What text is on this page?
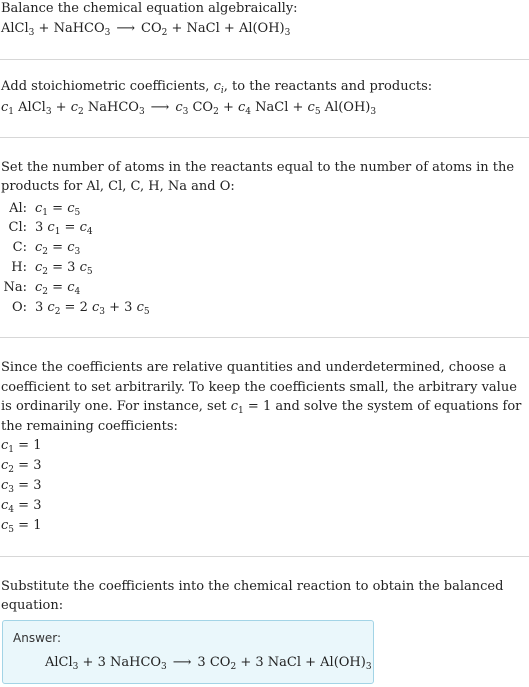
Balance the chemical equation algebraically:
AlCl$_3$ + NaHCO$_3$ ⟶ $CO_2$ + NaCl + $Al(OH)_3$
Add stoichiometric coefficients, $c_i$, to the reactants and products:
$c_1$ AlCl$_3$ + $c_2$ NaHCO$_3$ ⟶ $c_3$ $CO_2 + c_4$ NaCl + $c_5$ $Al(OH)_3$
Set the number of atoms in the reactants equal to the number of atoms in the products for Al, Cl, C, H, Na and O:
Al: $c_1 = c_5$
Cl: 3 $c_1 = c_4$
C: $c_2 = c_3$
H: $c_2 = 3$ $c_5$
Na: $c_2 = c_4$
O: 3 $c_2 = 2$ $c_3 + 3$ $c_5$
Since the coefficients are relative quantities and underdetermined, choose a coefficient to set arbitrarily. To keep the coefficients small, the arbitrary value is ordinarily one. For instance, set $c_1 = 1$ and solve the system of equations for the remaining coefficients:
$c_1 = 1$
$c_2 = 3$
$c_3 = 3$
$c_4 = 3$
$c_5 = 1$
Substitute the coefficients into the chemical reaction to obtain the balanced equation:
Answer:
AlCl$_3$ + 3 NaHCO$_3$ ⟶ 3 $CO_2 + 3$ NaCl + $Al(OH)_3$
